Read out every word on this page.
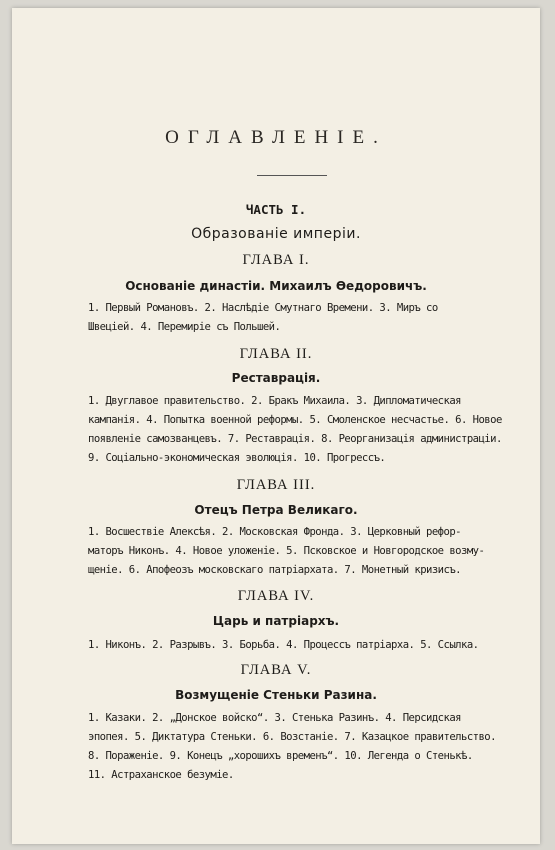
ОГЛАВЛЕНІЕ.
ЧАСТЬ I.
Образованіе имперіи.
ГЛАВА I.
Основаніе династіи. Михаилъ Ѳедоровичъ.
1. Первый Романовъ. 2. Наслѣдіе Смутнаго Времени. 3. Миръ со
Швеціей. 4. Перемиріе съ Польшей.
ГЛАВА II.
Реставрація.
1. Двуглавое правительство. 2. Бракъ Михаила. 3. Дипломатическая
кампанія. 4. Попытка военной реформы. 5. Смоленское несчастье. 6. Новое
появленіе самозванцевъ. 7. Реставрація. 8. Реорганизація администраціи.
9. Соціально-экономическая эволюція. 10. Прогрессъ.
ГЛАВА III.
Отецъ Петра Великаго.
1. Восшествіе Алексѣя. 2. Московская Фронда. 3. Церковный рефор-
маторъ Никонъ. 4. Новое уложеніе. 5. Псковское и Новгородское возму-
щеніе. 6. Апофеозъ московскаго патріархата. 7. Монетный кризисъ.
ГЛАВА IV.
Царь и патріархъ.
1. Никонъ. 2. Разрывъ. 3. Борьба. 4. Процессъ патріарха. 5. Ссылка.
ГЛАВА V.
Возмущеніе Стеньки Разина.
1. Казаки. 2. „Донское войско“. 3. Стенька Разинъ. 4. Персидская
эпопея. 5. Диктатура Стеньки. 6. Возстаніе. 7. Казацкое правительство.
8. Пораженіе. 9. Конецъ „хорошихъ временъ“. 10. Легенда о Стенькѣ.
11. Астраханское безуміе.
